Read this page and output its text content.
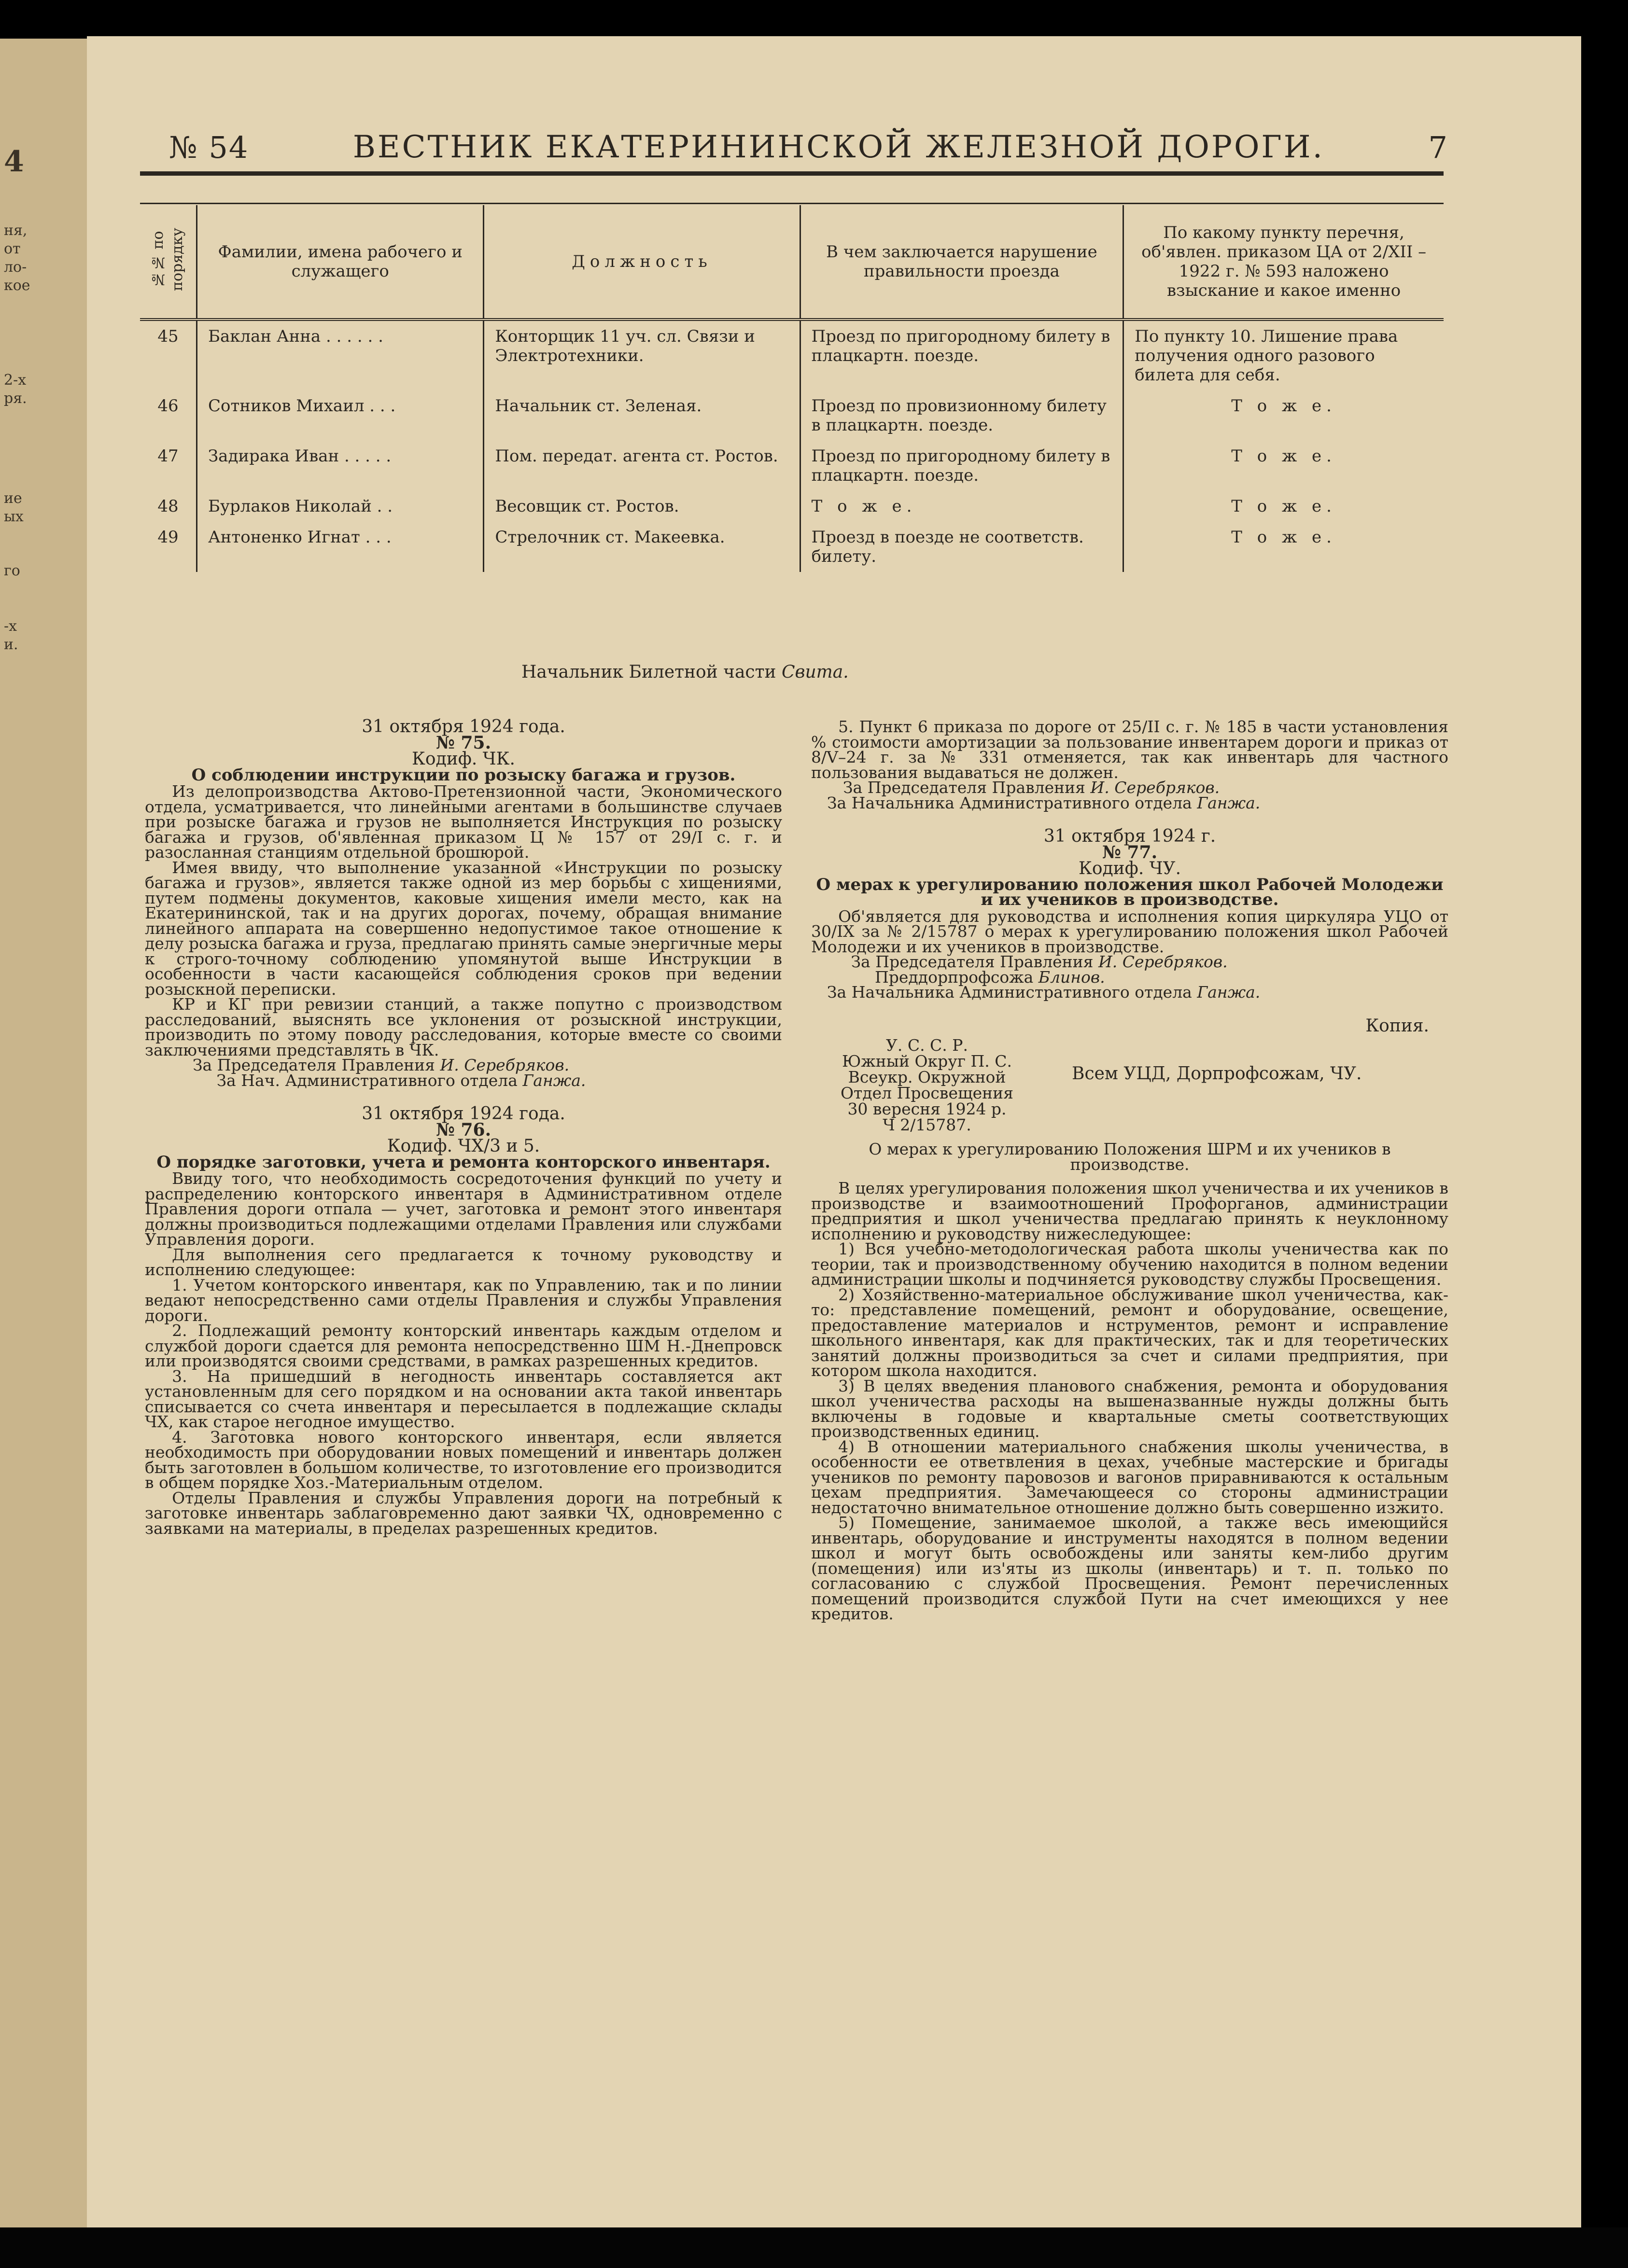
4
ня,
от
ло-
кое
2-х
ря.
ие
ых
го
-х
и.
№ 54	ВЕСТНИК ЕКАТЕРИНИНСКОЙ ЖЕЛЕЗНОЙ ДОРОГИ.	7
№№ по порядку	Фамилии, имена рабочего и служащего	Должность	В чем заключается нарушение правильности проезда	По какому пункту перечня, об'явлен. приказом ЦА от 2/XII –1922 г. № 593 наложено взыскание и какое именно
45	Баклан Анна . . . . . .	Конторщик 11 уч. сл. Связи и Электротехники.	Проезд по пригородному билету в плацкартн. поезде.	По пункту 10. Лишение права получения одного разового билета для себя.
46	Сотников Михаил . . .	Начальник ст. Зеленая.	Проезд по провизионному билету в плацкартн. поезде.	Т о ж е.
47	Задирака Иван . . . . .	Пом. передат. агента ст. Ростов.	Проезд по пригородному билету в плацкартн. поезде.	Т о ж е.
48	Бурлаков Николай . .	Весовщик ст. Ростов.	Т о ж е.	Т о ж е.
49	Антоненко Игнат . . .	Стрелочник ст. Макеевка.	Проезд в поезде не соответств. билету.	Т о ж е.
Начальник Билетной части Свита.

31 октября 1924 года.

№ 75.

Кодиф. ЧК.

О соблюдении инструкции по розыску багажа и грузов.

Из делопроизводства Актово-Претензионной части, Экономического отдела, усматривается, что линейными агентами в большинстве случаев при розыске багажа и грузов не выполняется Инструкция по розыску багажа и грузов, об'явленная приказом Ц № 157 от 29/I с. г. и разосланная станциям отдельной брошюрой.

Имея ввиду, что выполнение указанной «Инструкции по розыску багажа и грузов», является также одной из мер борьбы с хищениями, путем подмены документов, каковые хищения имели место, как на Екатерининской, так и на других дорогах, почему, обращая внимание линейного аппарата на совершенно недопустимое такое отношение к делу розыска багажа и груза, предлагаю принять самые энергичные меры к строго-точному соблюдению упомянутой выше Инструкции в особенности в части касающейся соблюдения сроков при ведении розыскной переписки.

КР и КГ при ревизии станций, а также попутно с производством расследований, выяснять все уклонения от розыскной инструкции, производить по этому поводу расследования, которые вместе со своими заключениями представлять в ЧК.

За Председателя Правления И. Серебряков.

За Нач. Административного отдела Ганжа.

31 октября 1924 года.

№ 76.

Кодиф. ЧХ/3 и 5.

О порядке заготовки, учета и ремонта конторского инвентаря.

Ввиду того, что необходимость сосредоточения функций по учету и распределению конторского инвентаря в Административном отделе Правления дороги отпала — учет, заготовка и ремонт этого инвентаря должны производиться подлежащими отделами Правления или службами Управления дороги.

Для выполнения сего предлагается к точному руководству и исполнению следующее:

1. Учетом конторского инвентаря, как по Управлению, так и по линии ведают непосредственно сами отделы Правления и службы Управления дороги.

2. Подлежащий ремонту конторский инвентарь каждым отделом и службой дороги сдается для ремонта непосредственно ШМ Н.-Днепровск или производятся своими средствами, в рамках разрешенных кредитов.

3. На пришедший в негодность инвентарь составляется акт установленным для сего порядком и на основании акта такой инвентарь списывается со счета инвентаря и пересылается в подлежащие склады ЧХ, как старое негодное имущество.

4. Заготовка нового конторского инвентаря, если является необходимость при оборудовании новых помещений и инвентарь должен быть заготовлен в большом количестве, то изготовление его производится в общем порядке Хоз.-Материальным отделом.

Отделы Правления и службы Управления дороги на потребный к заготовке инвентарь заблаговременно дают заявки ЧХ, одновременно с заявками на материалы, в пределах разрешенных кредитов.

5. Пункт 6 приказа по дороге от 25/II с. г. № 185 в части установления % стоимости амортизации за пользование инвентарем дороги и приказ от 8/V–24 г. за № 331 отменяется, так как инвентарь для частного пользования выдаваться не должен.

За Председателя Правления И. Серебряков.

За Начальника Административного отдела Ганжа.

31 октября 1924 г.

№ 77.

Кодиф. ЧУ.

О мерах к урегулированию положения школ Рабочей Молодежи и их учеников в производстве.

Об'является для руководства и исполнения копия циркуляра УЦО от 30/IX за № 2/15787 о мерах к урегулированию положения школ Рабочей Молодежи и их учеников в производстве.

За Председателя Правления И. Серебряков.

Преддорпрофсожа Блинов.

За Начальника Административного отдела Ганжа.

Копия.

У. С. С. Р.
Южный Округ П. С.
Всеукр. Окружной
Отдел Просвещения
30 вересня 1924 р.
Ч 2/15787.
Всем УЦД, Дорпрофсожам, ЧУ.

О мерах к урегулированию Положения ШРМ и их учеников в производстве.

В целях урегулирования положения школ ученичества и их учеников в производстве и взаимоотношений Профорганов, администрации предприятия и школ ученичества предлагаю принять к неуклонному исполнению и руководству нижеследующее:

1) Вся учебно-методологическая работа школы ученичества как по теории, так и производственному обучению находится в полном ведении администрации школы и подчиняется руководству службы Просвещения.

2) Хозяйственно-материальное обслуживание школ ученичества, как-то: представление помещений, ремонт и оборудование, освещение, предоставление материалов и нструментов, ремонт и исправление школьного инвентаря, как для практических, так и для теоретических занятий должны производиться за счет и силами предприятия, при котором школа находится.

3) В целях введения планового снабжения, ремонта и оборудования школ ученичества расходы на вышеназванные нужды должны быть включены в годовые и квартальные сметы соответствующих производственных единиц.

4) В отношении материального снабжения школы ученичества, в особенности ее ответвления в цехах, учебные мастерские и бригады учеников по ремонту паровозов и вагонов приравниваются к остальным цехам предприятия. Замечающееся со стороны администрации недостаточно внимательное отношение должно быть совершенно изжито.

5) Помещение, занимаемое школой, а также весь имеющийся инвентарь, оборудование и инструменты находятся в полном ведении школ и могут быть освобождены или заняты кем-либо другим (помещения) или из'яты из школы (инвентарь) и т. п. только по согласованию с службой Просвещения. Ремонт перечисленных помещений производится службой Пути на счет имеющихся у нее кредитов.
